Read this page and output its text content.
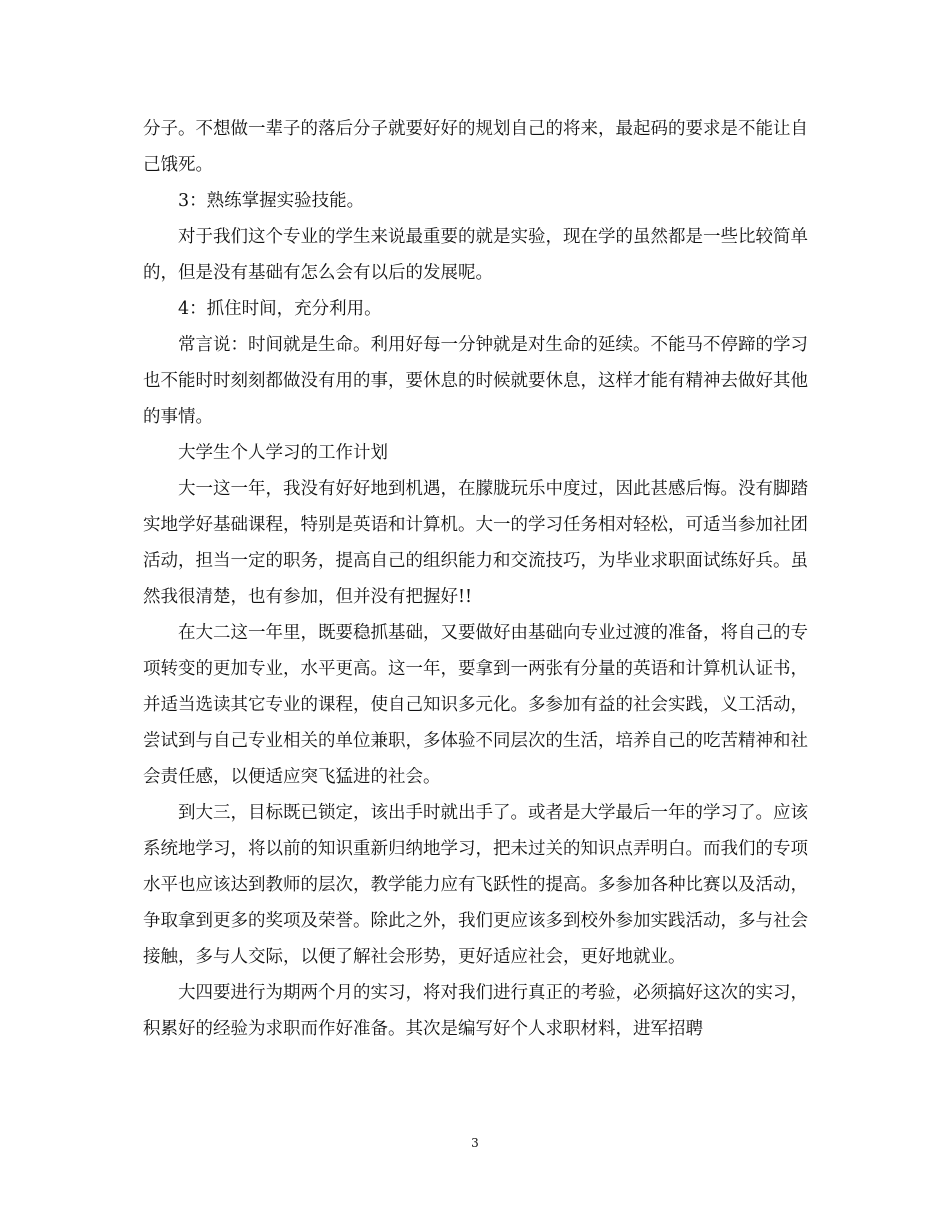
分子。不想做一辈子的落后分子就要好好的规划自己的将来，最起码的要求是不能让自己饿死。

3：熟练掌握实验技能。

对于我们这个专业的学生来说最重要的就是实验，现在学的虽然都是一些比较简单的，但是没有基础有怎么会有以后的发展呢。

4：抓住时间，充分利用。

常言说：时间就是生命。利用好每一分钟就是对生命的延续。不能马不停蹄的学习也不能时时刻刻都做没有用的事，要休息的时候就要休息，这样才能有精神去做好其他的事情。

大学生个人学习的工作计划

大一这一年，我没有好好地到机遇，在朦胧玩乐中度过，因此甚感后悔。没有脚踏实地学好基础课程，特别是英语和计算机。大一的学习任务相对轻松，可适当参加社团活动，担当一定的职务，提高自己的组织能力和交流技巧，为毕业求职面试练好兵。虽然我很清楚，也有参加，但并没有把握好!!

在大二这一年里，既要稳抓基础，又要做好由基础向专业过渡的准备，将自己的专项转变的更加专业，水平更高。这一年，要拿到一两张有分量的英语和计算机认证书，并适当选读其它专业的课程，使自己知识多元化。多参加有益的社会实践，义工活动，尝试到与自己专业相关的单位兼职，多体验不同层次的生活，培养自己的吃苦精神和社会责任感，以便适应突飞猛进的社会。

到大三，目标既已锁定，该出手时就出手了。或者是大学最后一年的学习了。应该系统地学习，将以前的知识重新归纳地学习，把未过关的知识点弄明白。而我们的专项水平也应该达到教师的层次，教学能力应有飞跃性的提高。多参加各种比赛以及活动，争取拿到更多的奖项及荣誉。除此之外，我们更应该多到校外参加实践活动，多与社会接触，多与人交际，以便了解社会形势，更好适应社会，更好地就业。

大四要进行为期两个月的实习，将对我们进行真正的考验，必须搞好这次的实习，积累好的经验为求职而作好准备。其次是编写好个人求职材料，进军招聘

3
